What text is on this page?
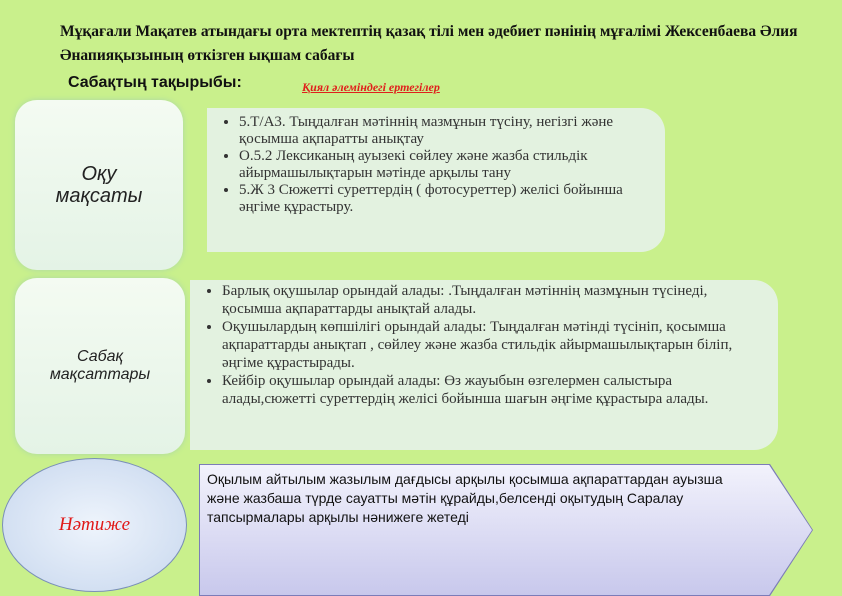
Мұқағали Мақатев атындағы орта мектептің қазақ тілі мен әдебиет пәнінің мұғалімі Жексенбаева Әлия Әнапияқызының өткізген ықшам сабағы
Сабақтың тақырыбы:	Қиял әлеміндегі ертегілер
Оқу мақсаты
• 5.Т/А3. Тыңдалған мәтіннің мазмұнын түсіну, негізгі және қосымша ақпаратты анықтау
• О.5.2 Лексиканың ауызекі сөйлеу және жазба стильдік айырмашылықтарын мәтінде арқылы тану
• 5.Ж 3 Сюжетті суреттердің ( фотосуреттер) желісі бойынша әңгіме құрастыру.
Сабақ мақсаттары
• Барлық оқушылар орындай алады: .Тыңдалған мәтіннің мазмұнын түсінеді, қосымша ақпараттарды анықтай алады.
• Оқушылардың көпшілігі орындай алады: Тыңдалған мәтінді түсініп, қосымша ақпараттарды анықтап , сөйлеу және жазба стильдік айырмашылықтарын біліп, әңгіме құрастырады.
• Кейбір оқушылар орындай алады: Өз жауыбын өзгелермен салыстыра алады,сюжетті суреттердің желісі бойынша шағын әңгіме құрастыра алады.
Нәтиже
Оқылым айтылым жазылым дағдысы арқылы қосымша ақпараттардан ауызша және жазбаша түрде сауатты мәтін құрайды,белсенді оқытудың Саралау тапсырмалары арқылы нәнижеге жетеді
